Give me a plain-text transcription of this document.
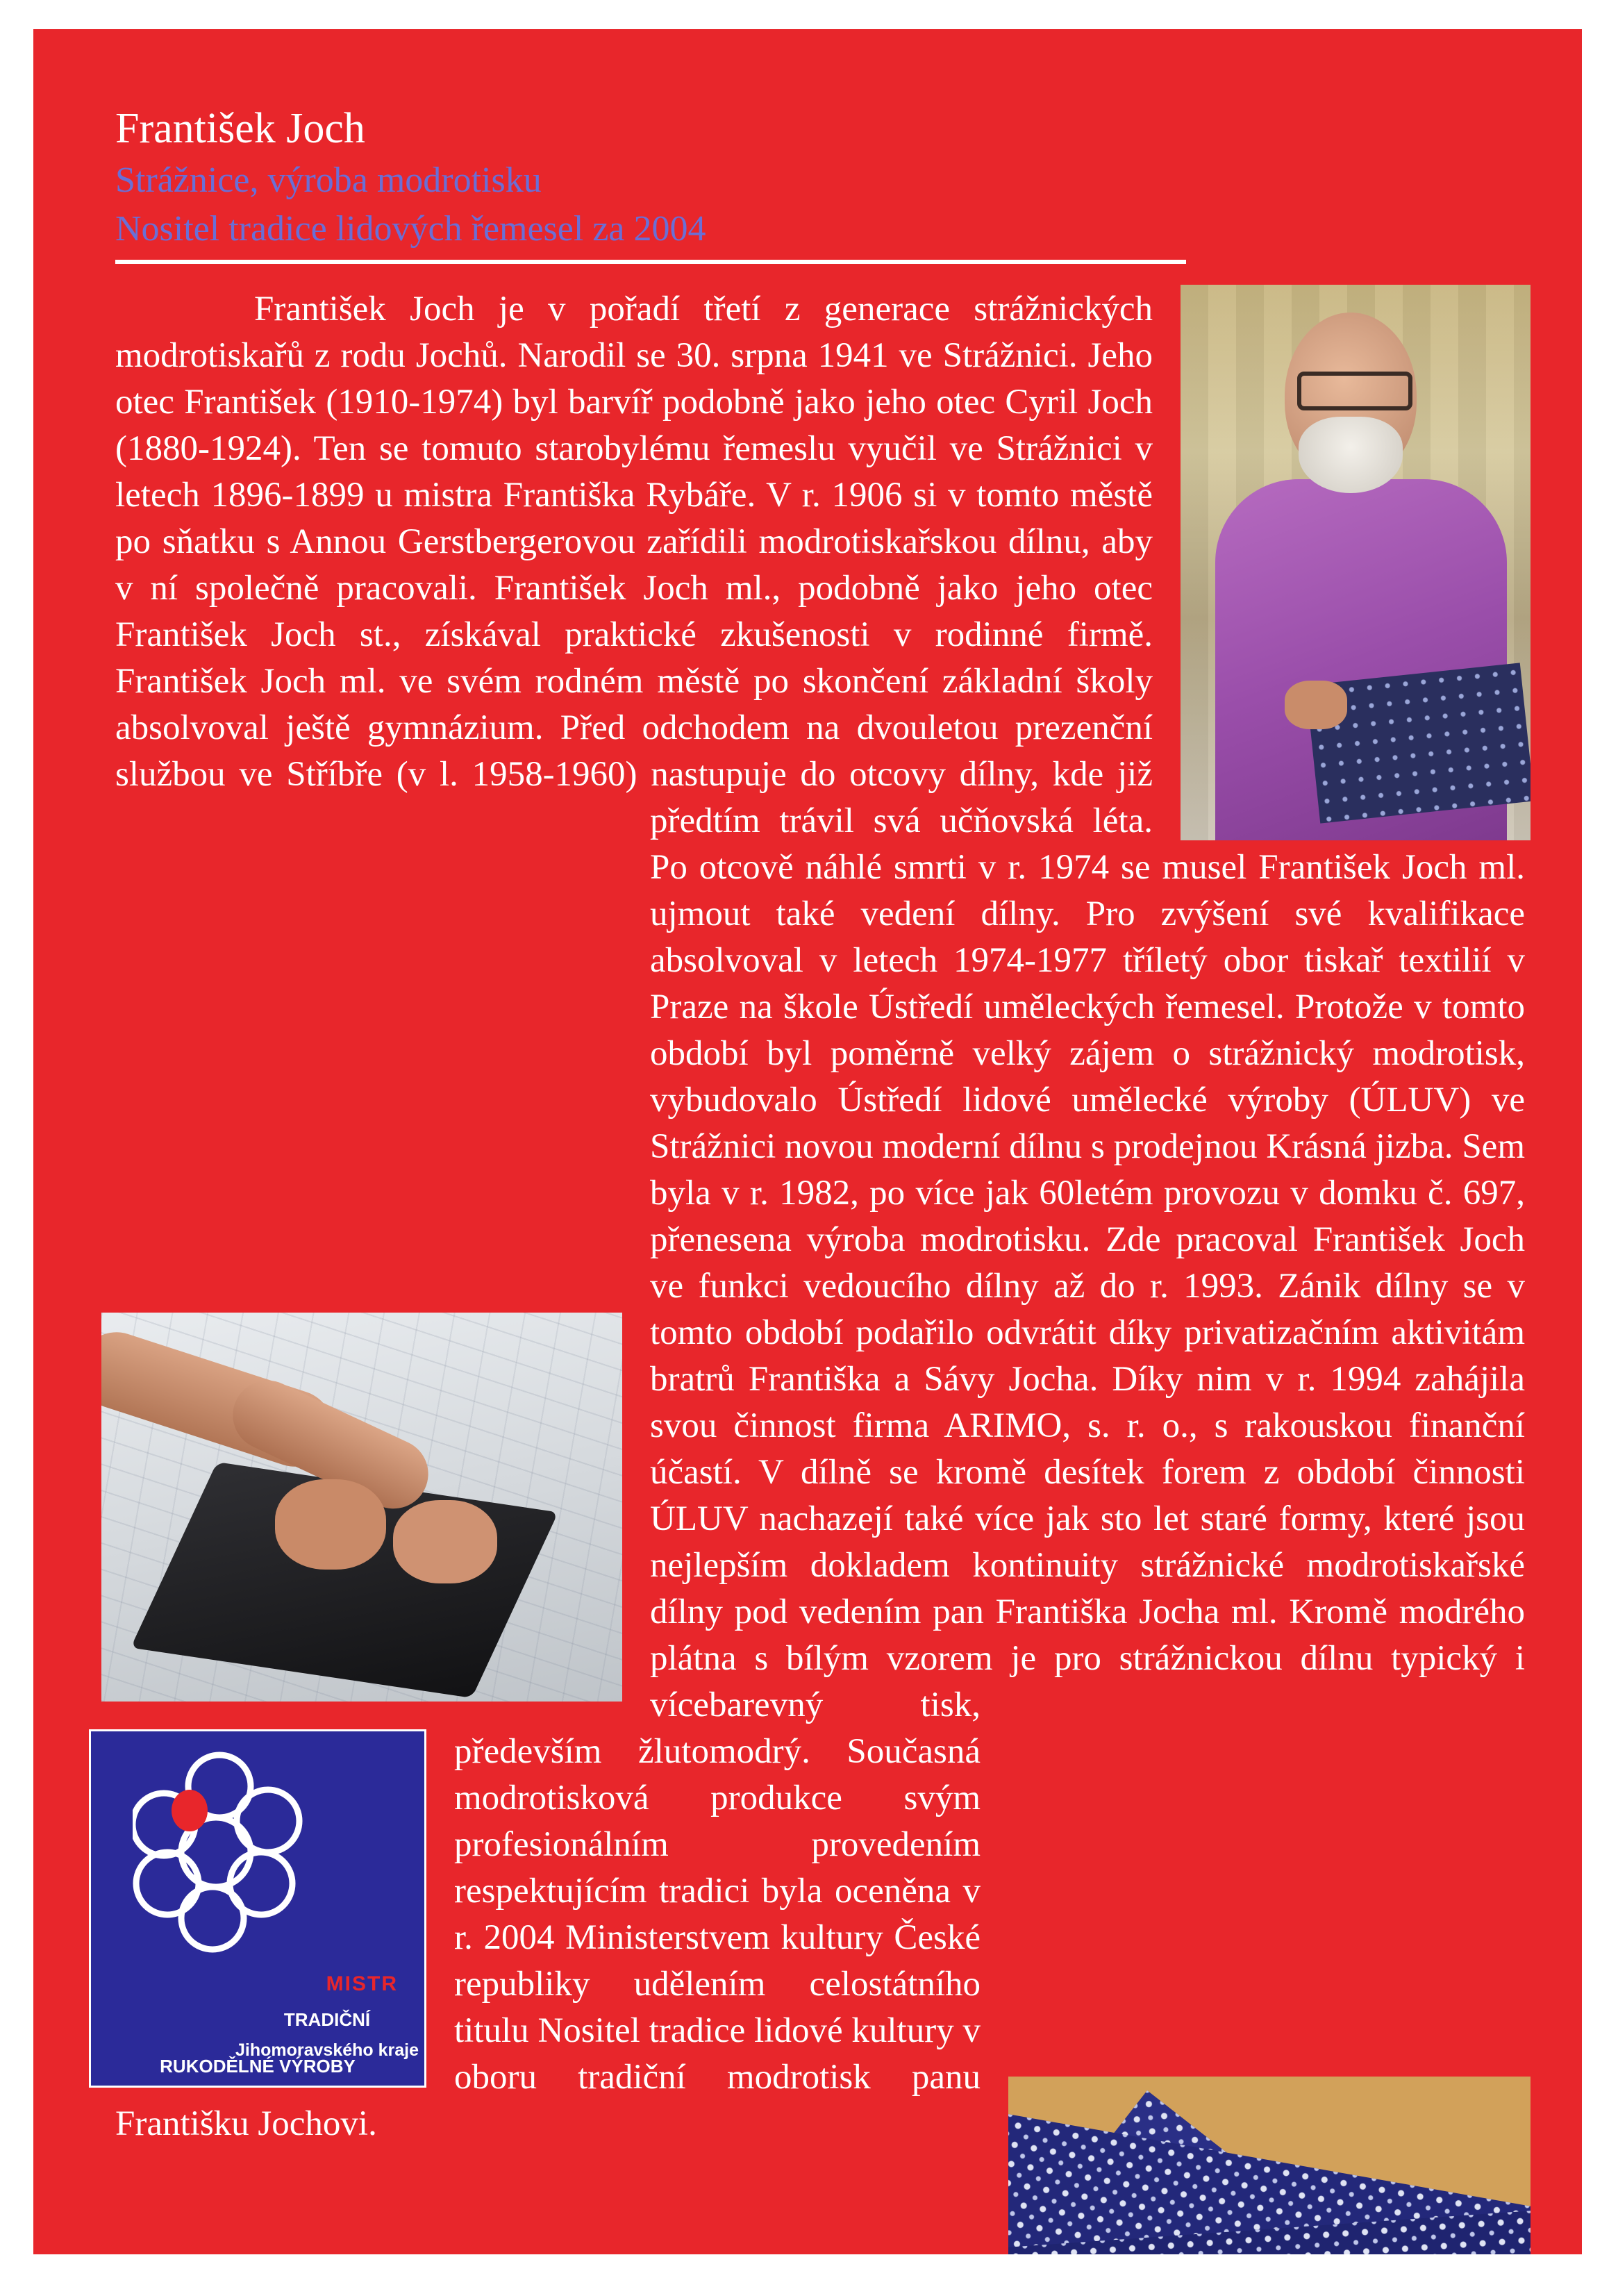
František Joch

Strážnice, výroba modrotisku

Nositel tradice lidových řemesel za 2004

MISTR

TRADIČNÍ RUKODĚLNÉ VÝROBY

Jihomoravského kraje

František Joch je v pořadí třetí z generace strážnických modrotiskařů z rodu Jochů. Narodil se 30. srpna 1941 ve Strážnici. Jeho otec František (1910-1974) byl barvíř podobně jako jeho otec Cyril Joch (1880-1924). Ten se tomuto starobylému řemeslu vyučil ve Strážnici v letech 1896-1899 u mistra Františka Rybáře. V r. 1906 si v tomto městě po sňatku s Annou Gerstbergerovou zařídili modrotiskařskou dílnu, aby v ní společně pracovali. František Joch ml., podobně jako jeho otec František Joch st., získával praktické zkušenosti v rodinné firmě. František Joch ml. ve svém rodném městě po skončení základní školy absolvoval ještě gymnázium. Před odchodem na dvouletou prezenční službou ve Stříbře (v l. 1958-1960) nastupuje do otcovy dílny, kde již předtím trávil svá učňovská léta. Po otcově náhlé smrti v r. 1974 se musel František Joch ml. ujmout také vedení dílny. Pro zvýšení své kvalifikace absolvoval v letech 1974-1977 tříletý obor tiskař textilií v Praze na škole Ústředí uměleckých řemesel. Protože v tomto období byl poměrně velký zájem o strážnický modrotisk, vybudovalo Ústředí lidové umělecké výroby (ÚLUV) ve Strážnici novou moderní dílnu s prodejnou Krásná jizba. Sem byla v r. 1982, po více jak 60letém provozu v domku č. 697, přenesena výroba modrotisku. Zde pracoval František Joch ve funkci vedoucího dílny až do r. 1993. Zánik dílny se v tomto období podařilo odvrátit díky privatizačním aktivitám bratrů Františka a Sávy Jocha. Díky nim v r. 1994 zahájila svou činnost firma ARIMO, s. r. o., s rakouskou finanční účastí. V dílně se kromě desítek forem z období činnosti ÚLUV nachazejí také více jak sto let staré formy, které jsou nejlepším dokladem kontinuity strážnické modrotiskařské dílny pod vedením pan Františka Jocha ml. Kromě modrého plátna s bílým vzorem je pro strážnickou dílnu typický i vícebarevný tisk, především žlutomodrý. Současná modrotisková produkce svým profesionálním provedením respektujícím tradici byla oceněna v r. 2004 Ministerstvem kultury České republiky udělením celostátního titulu Nositel tradice lidové kultury v oboru tradiční modrotisk panu Františku Jochovi.
